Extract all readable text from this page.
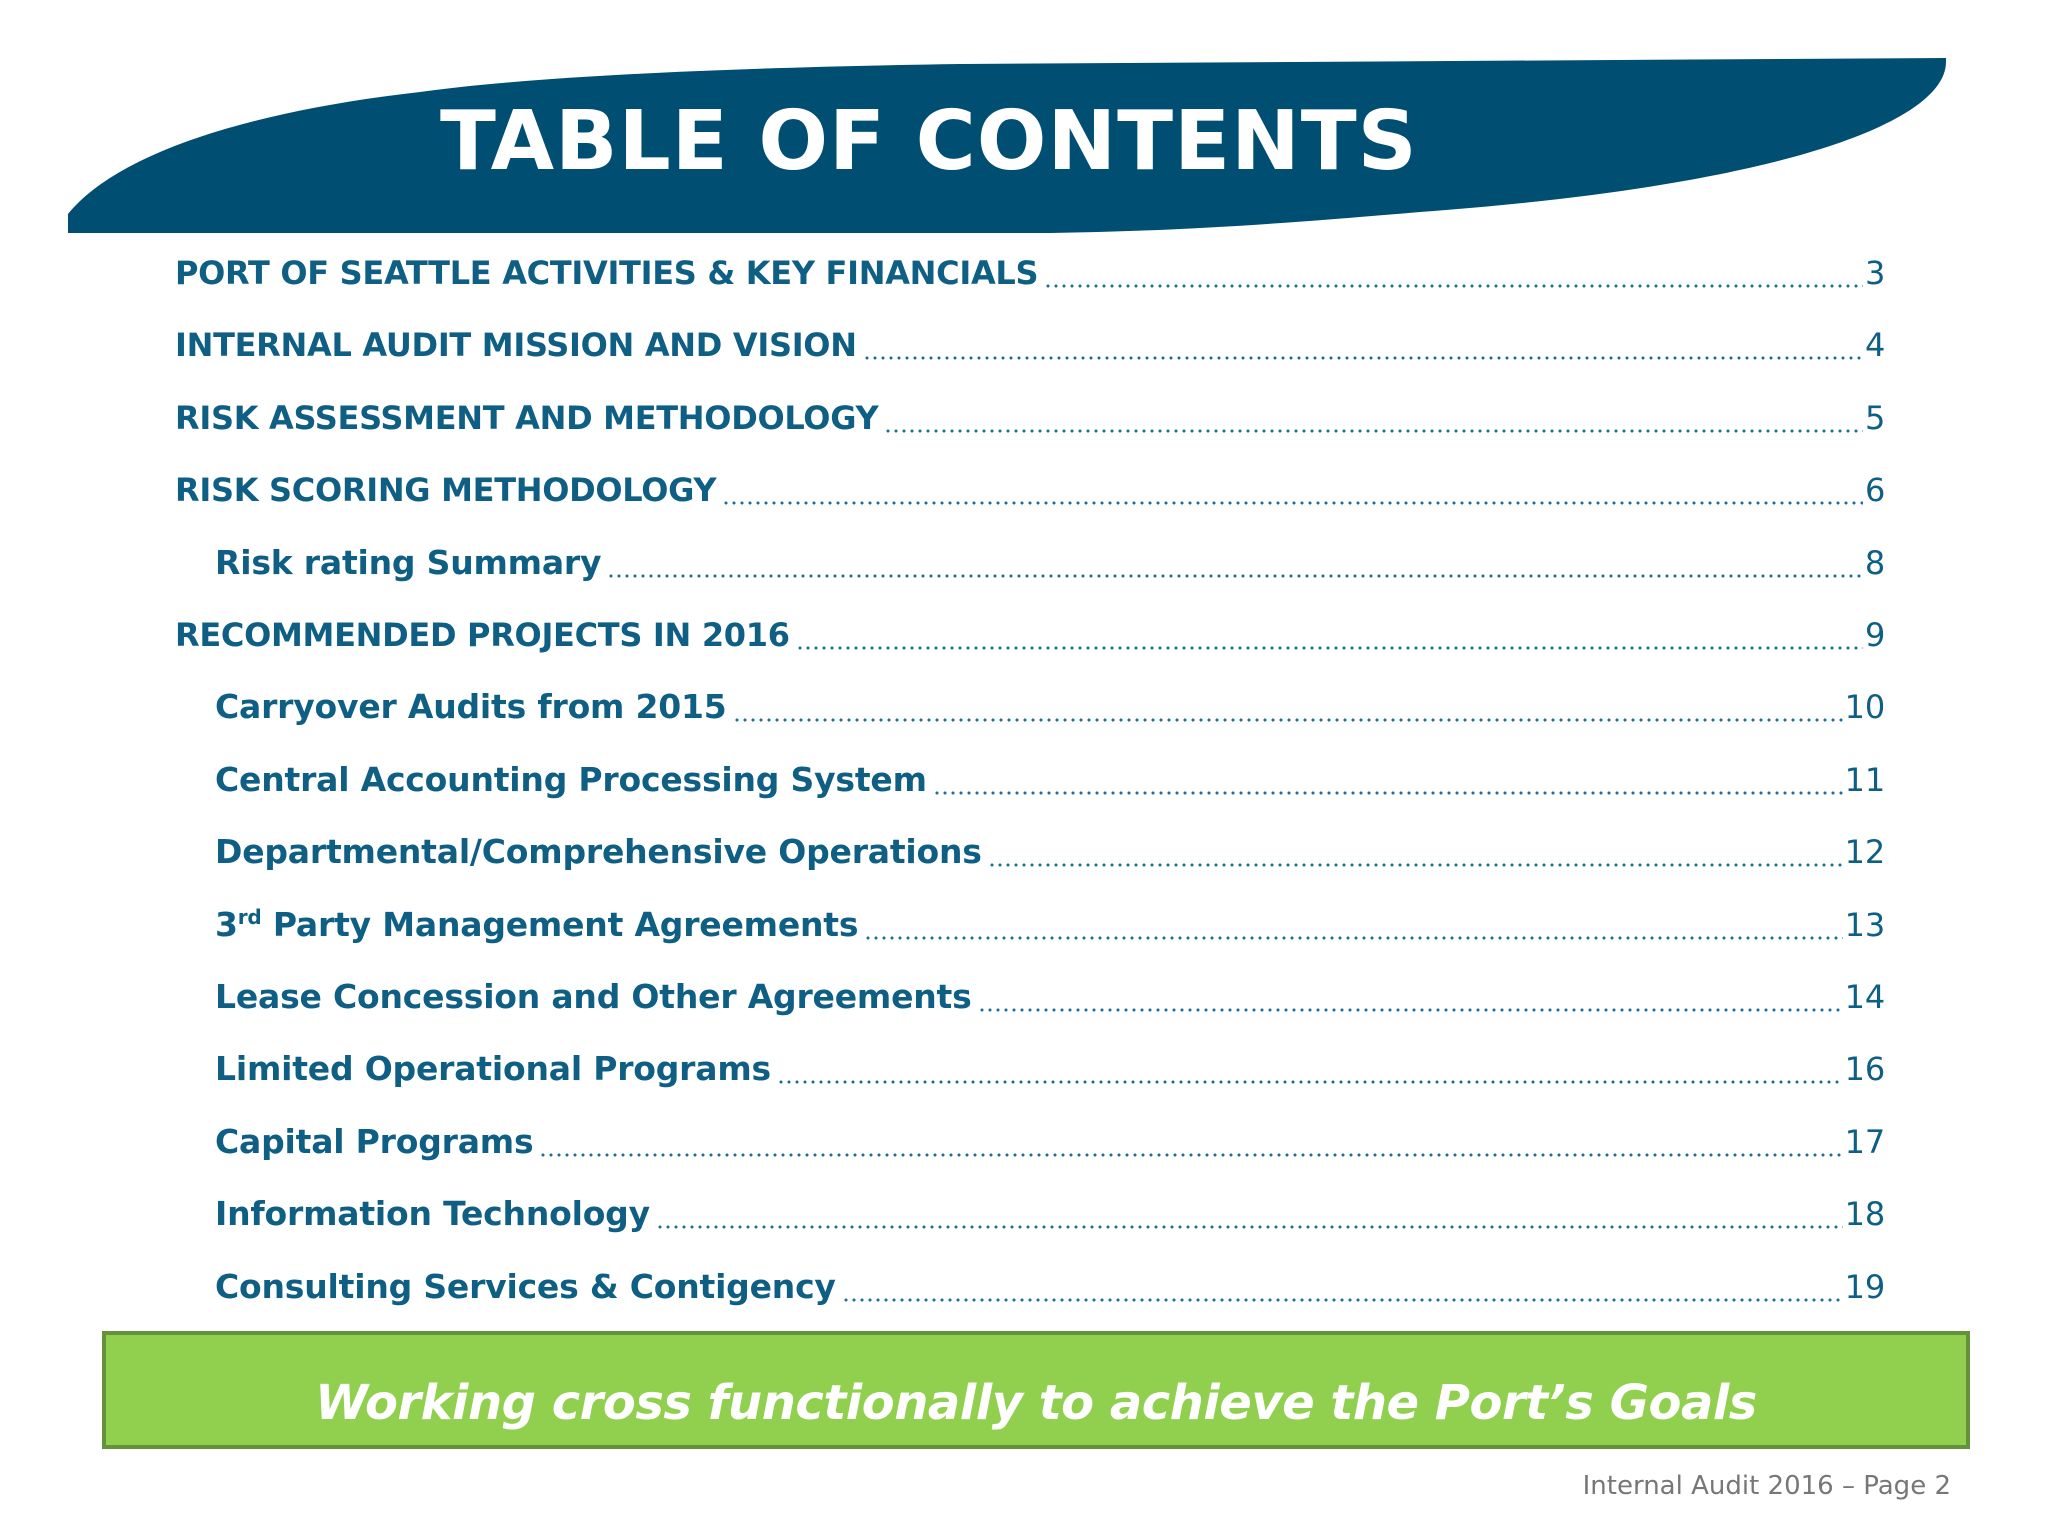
TABLE OF CONTENTS
PORT OF SEATTLE ACTIVITIES & KEY FINANCIALS	3
INTERNAL AUDIT MISSION AND VISION	4
RISK ASSESSMENT AND METHODOLOGY	5
RISK SCORING METHODOLOGY	6
Risk rating Summary	8
RECOMMENDED PROJECTS IN 2016	9
Carryover Audits from 2015	10
Central Accounting Processing System	11
Departmental/Comprehensive Operations	12
3rd Party Management Agreements	13
Lease Concession and Other Agreements	14
Limited Operational Programs	16
Capital Programs	17
Information Technology	18
Consulting Services & Contigency	19
Working cross functionally to achieve the Port’s Goals
Internal Audit 2016 – Page 2
